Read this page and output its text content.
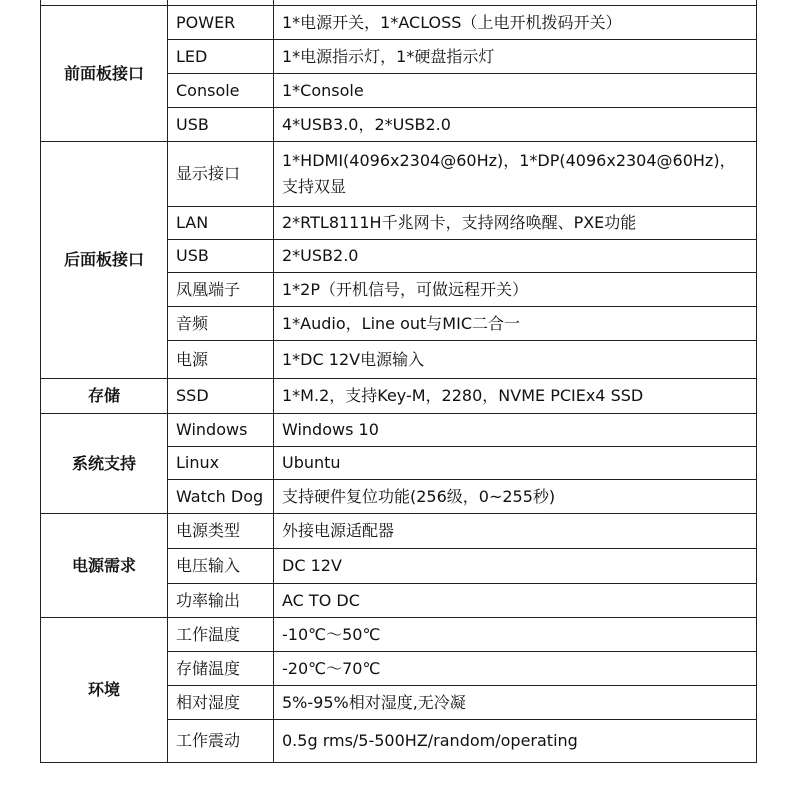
前面板接口	POWER	1*电源开关，1*ACLOSS（上电开机拨码开关）
	LED	1*电源指示灯，1*硬盘指示灯
	Console	1*Console
	USB	4*USB3.0，2*USB2.0
后面板接口	显示接口	1*HDMI(4096x2304@60Hz)，1*DP(4096x2304@60Hz)，支持双显
	LAN	2*RTL8111H千兆网卡，支持网络唤醒、PXE功能
	USB	2*USB2.0
	凤凰端子	1*2P（开机信号，可做远程开关）
	音频	1*Audio，Line out与MIC二合一
	电源	1*DC 12V电源输入
存储	SSD	1*M.2，支持Key-M，2280，NVME PCIEx4 SSD
系统支持	Windows	Windows 10
	Linux	Ubuntu
	Watch Dog	支持硬件复位功能(256级，0~255秒)
电源需求	电源类型	外接电源适配器
	电压输入	DC 12V
	功率输出	AC TO DC
环境	工作温度	-10℃～50℃
	存储温度	-20℃～70℃
	相对湿度	5%-95%相对湿度,无冷凝
	工作震动	0.5g rms/5-500HZ/random/operating
